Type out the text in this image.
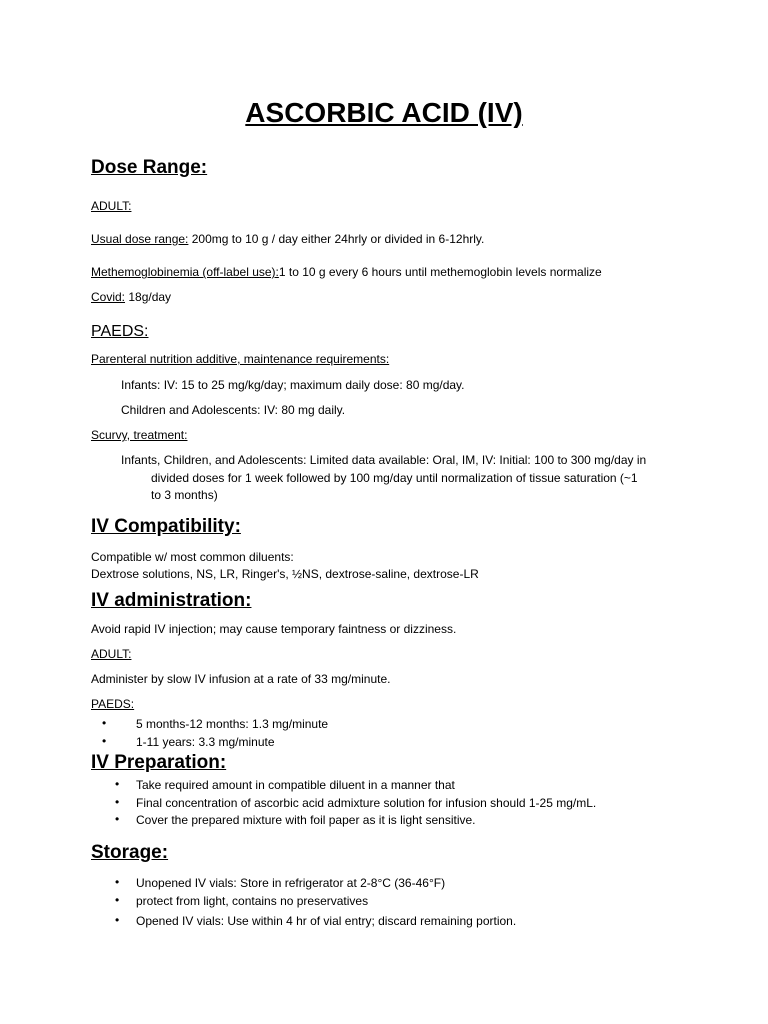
ASCORBIC ACID (IV)
Dose Range:
ADULT:
Usual dose range: 200mg to 10 g / day either 24hrly or divided in 6-12hrly.
Methemoglobinemia (off-label use):1 to 10 g every 6 hours until methemoglobin levels normalize
Covid: 18g/day
PAEDS:
Parenteral nutrition additive, maintenance requirements:
Infants: IV: 15 to 25 mg/kg/day; maximum daily dose: 80 mg/day.
Children and Adolescents: IV: 80 mg daily.
Scurvy, treatment:
Infants, Children, and Adolescents: Limited data available: Oral, IM, IV: Initial: 100 to 300 mg/day in
divided doses for 1 week followed by 100 mg/day until normalization of tissue saturation (~1
to 3 months)
IV Compatibility:
Compatible w/ most common diluents:
Dextrose solutions, NS, LR, Ringer's, ½NS, dextrose-saline, dextrose-LR
IV administration:
Avoid rapid IV injection; may cause temporary faintness or dizziness.
ADULT:
Administer by slow IV infusion at a rate of 33 mg/minute.
PAEDS:
• 5 months-12 months: 1.3 mg/minute
• 1-11 years: 3.3 mg/minute
IV Preparation:
• Take required amount in compatible diluent in a manner that
• Final concentration of ascorbic acid admixture solution for infusion should 1-25 mg/mL.
• Cover the prepared mixture with foil paper as it is light sensitive.
Storage:
• Unopened IV vials: Store in refrigerator at 2-8°C (36-46°F)
• protect from light, contains no preservatives
• Opened IV vials: Use within 4 hr of vial entry; discard remaining portion.
